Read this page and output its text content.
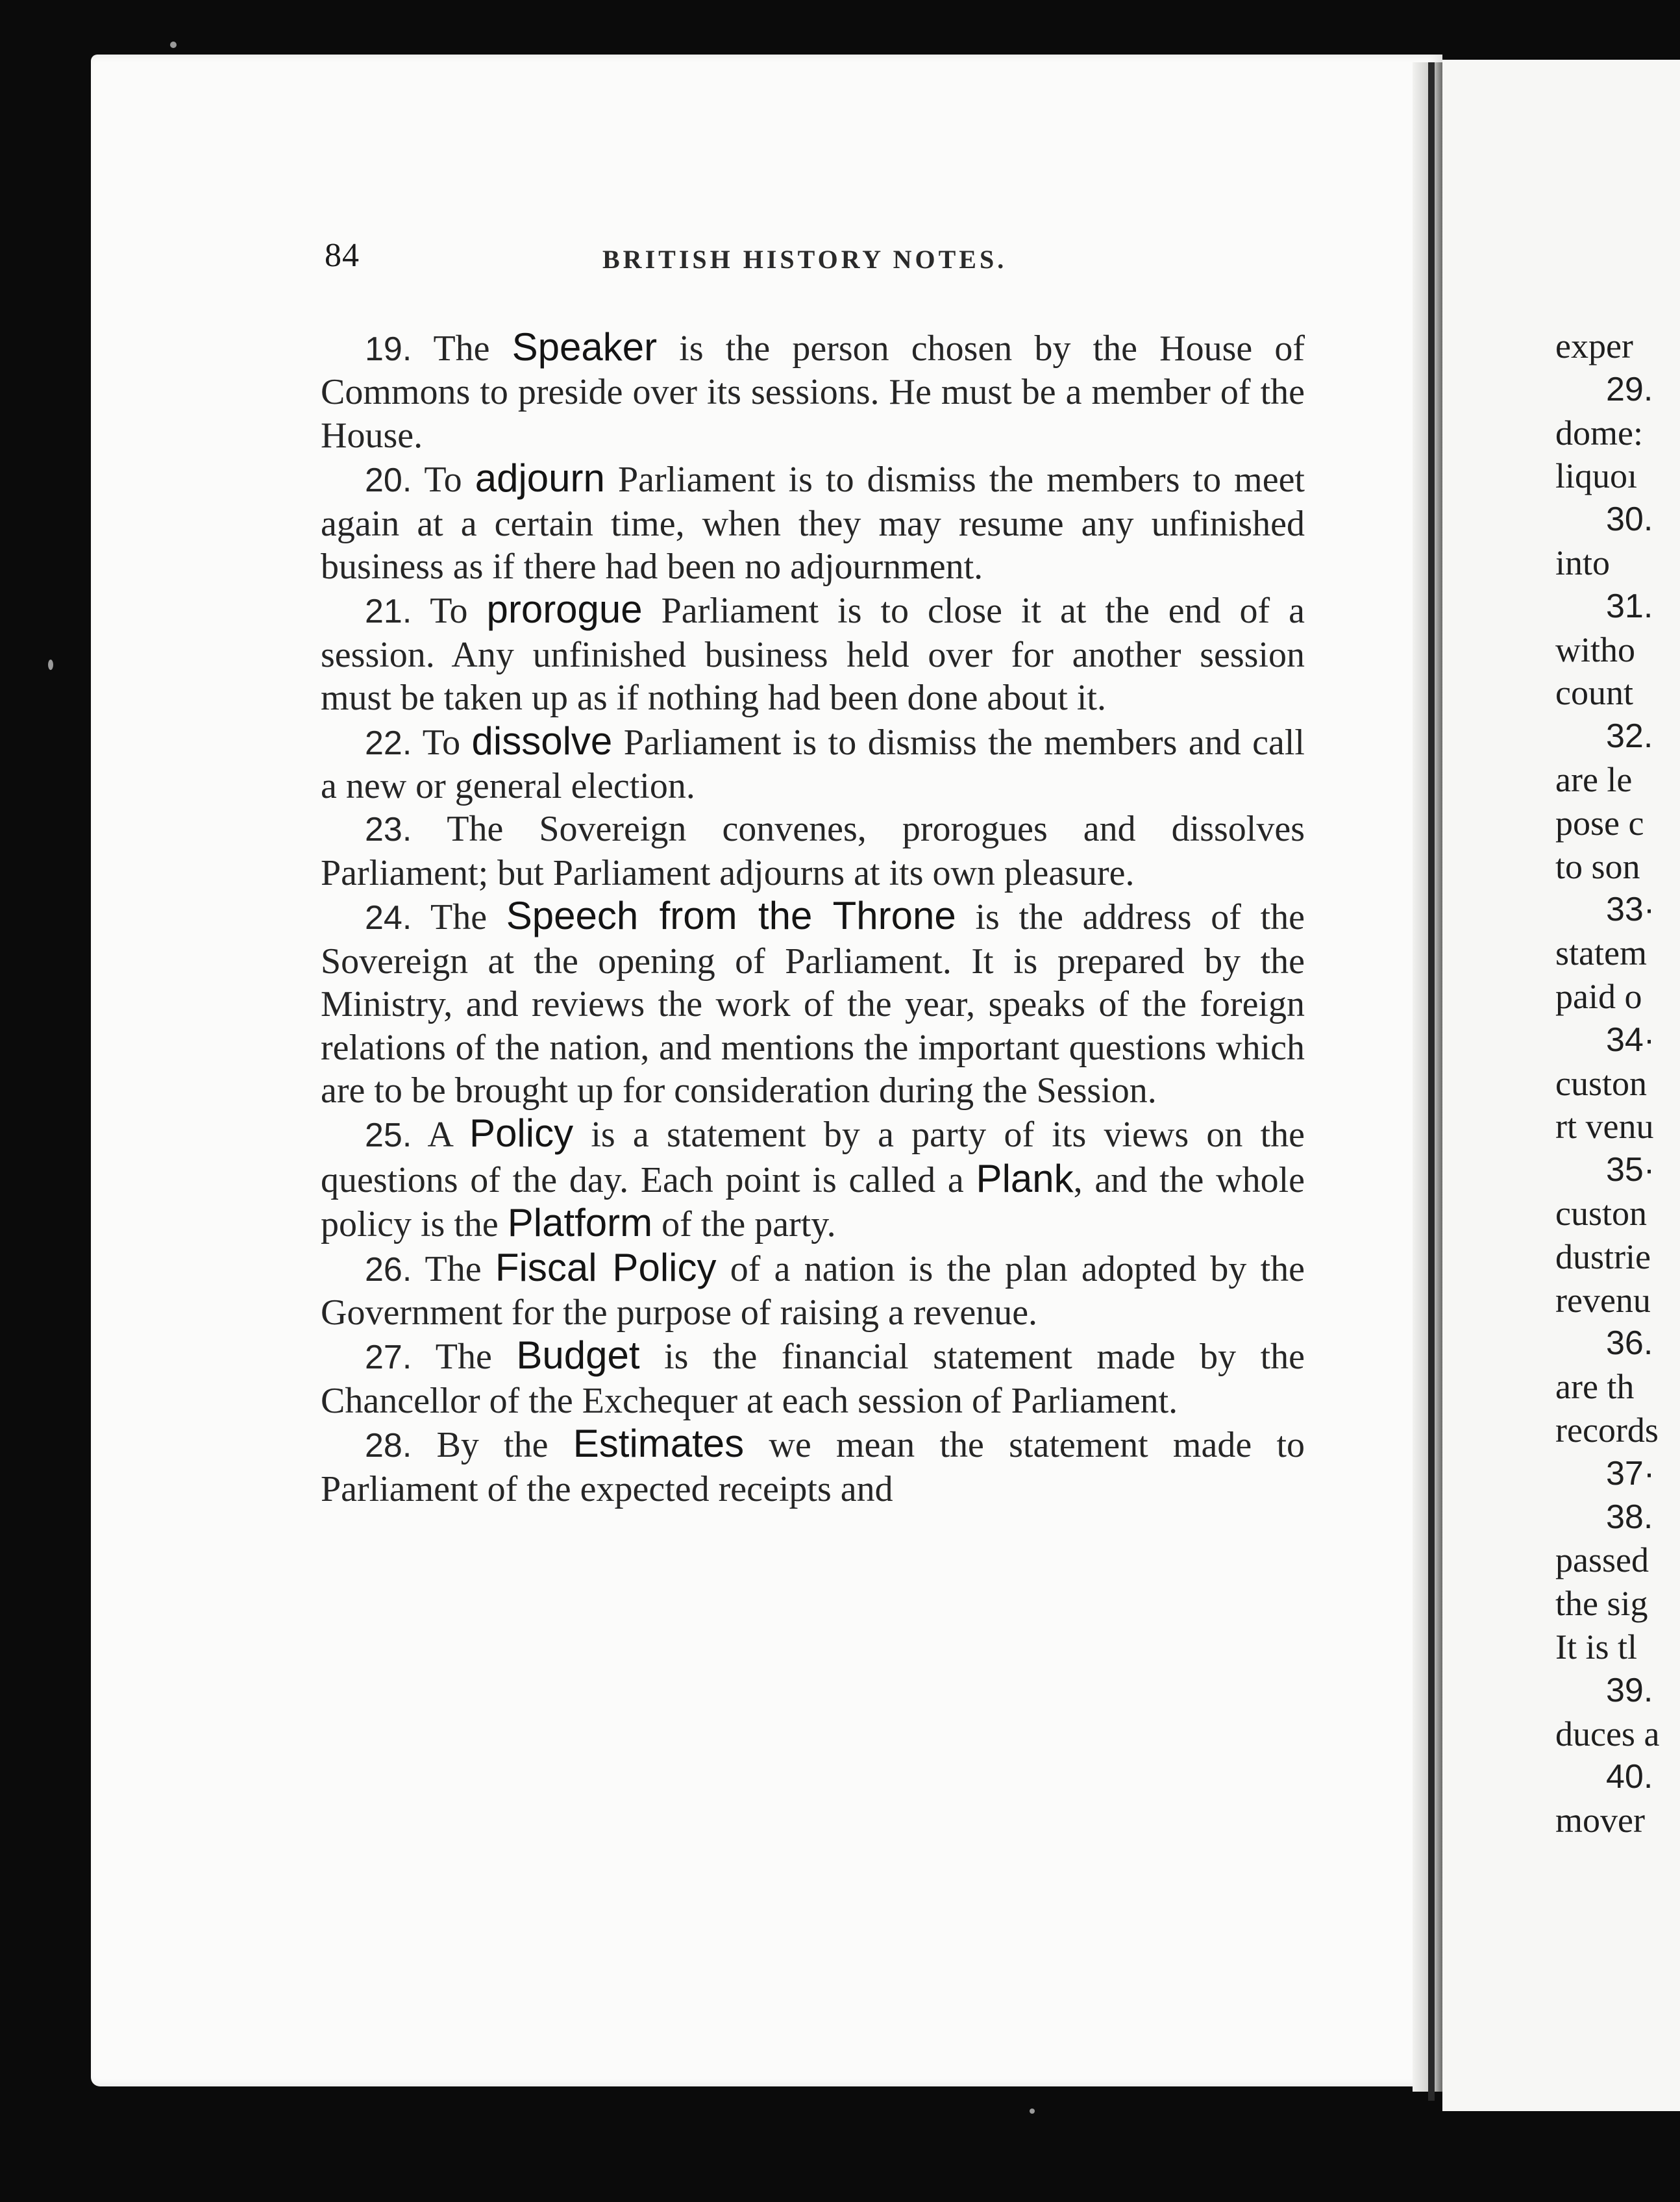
84	BRITISH HISTORY NOTES.

19. The Speaker is the person chosen by the House of Commons to preside over its sessions. He must be a member of the House.

20. To adjourn Parliament is to dismiss the members to meet again at a certain time, when they may resume any unfinished business as if there had been no adjournment.

21. To prorogue Parliament is to close it at the end of a session. Any unfinished business held over for another session must be taken up as if nothing had been done about it.

22. To dissolve Parliament is to dismiss the members and call a new or general election.

23. The Sovereign convenes, prorogues and dissolves Parliament; but Parliament adjourns at its own pleasure.

24. The Speech from the Throne is the address of the Sovereign at the opening of Parliament. It is prepared by the Ministry, and reviews the work of the year, speaks of the foreign relations of the nation, and mentions the important questions which are to be brought up for consideration during the Session.

25. A Policy is a statement by a party of its views on the questions of the day. Each point is called a Plank, and the whole policy is the Platform of the party.

26. The Fiscal Policy of a nation is the plan adopted by the Government for the purpose of raising a revenue.

27. The Budget is the financial statement made by the Chancellor of the Exchequer at each session of Parliament.

28. By the Estimates we mean the statement made to Parliament of the expected receipts and

exper
29.
dome:
liquoı
30.
into
31.
witho
count
32.
are le
pose c
to son
33·
statem
paid o
34·
custon
rt venu
35·
custon
dustrie
revenu
36.
are th
records
37·
38.
passed
the sig
It is tl
39.
duces a
40.
mover
